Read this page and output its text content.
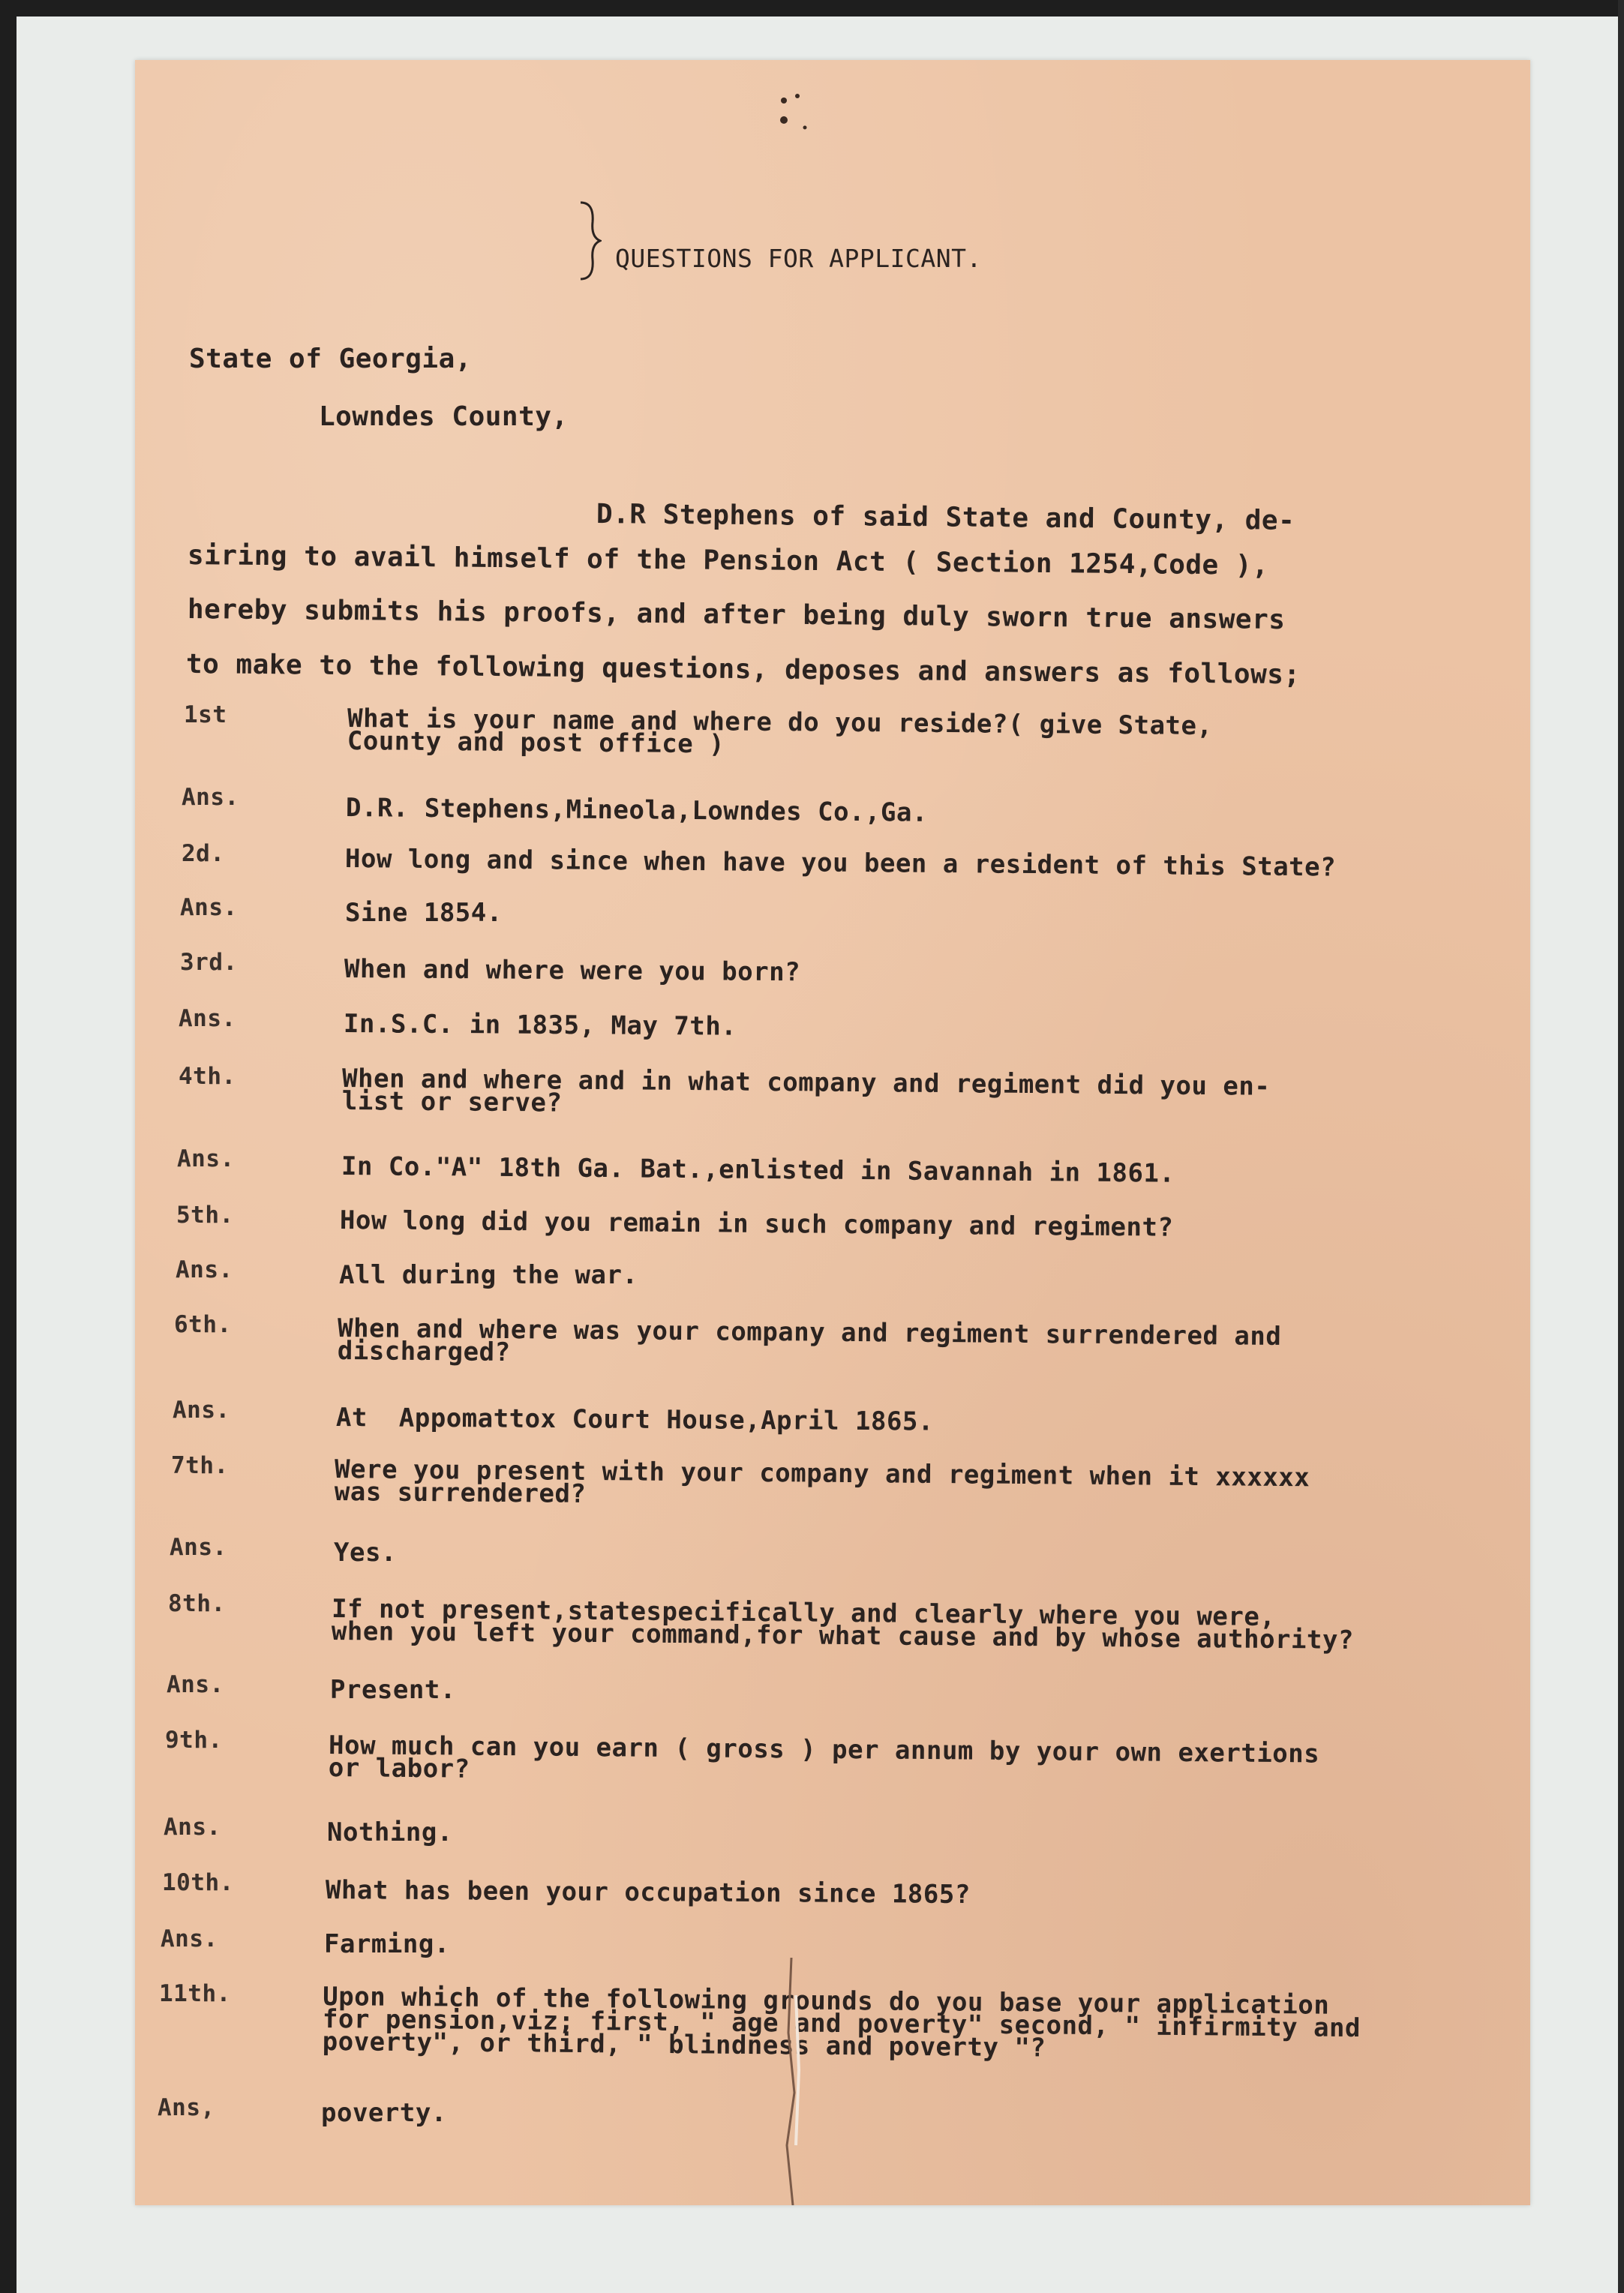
QUESTIONS FOR APPLICANT.
State of Georgia,
Lowndes County,
D.R Stephens of said State and County, de-
siring to avail himself of the Pension Act ( Section 1254,Code ),
hereby submits his proofs, and after being duly sworn true answers
to make to the following questions, deposes and answers as follows;
1st	What is your name and where do you reside?( give State,
County and post office )
Ans.	D.R. Stephens,Mineola,Lowndes Co.,Ga.
2d.	How long and since when have you been a resident of this State?
Ans.	Sine 1854.
3rd.	When and where were you born?
Ans.	In.S.C. in 1835, May 7th.
4th.	When and where and in what company and regiment did you en-
list or serve?
Ans.	In Co."A" 18th Ga. Bat.,enlisted in Savannah in 1861.
5th.	How long did you remain in such company and regiment?
Ans.	All during the war.
6th.	When and where was your company and regiment surrendered and
discharged?
Ans.	At  Appomattox Court House,April 1865.
7th.	Were you present with your company and regiment when it xxxxxx
was surrendered?
Ans.	Yes.
8th.	If not present,statespecifically and clearly where you were,
when you left your command,for what cause and by whose authority?
Ans.	Present.
9th.	How much can you earn ( gross ) per annum by your own exertions
or labor?
Ans.	Nothing.
10th.	What has been your occupation since 1865?
Ans.	Farming.
11th.	Upon which of the following grounds do you base your application
for pension,viz; first, " age and poverty" second, " infirmity and
poverty", or third, " blindness and poverty "?
Ans,	poverty.
